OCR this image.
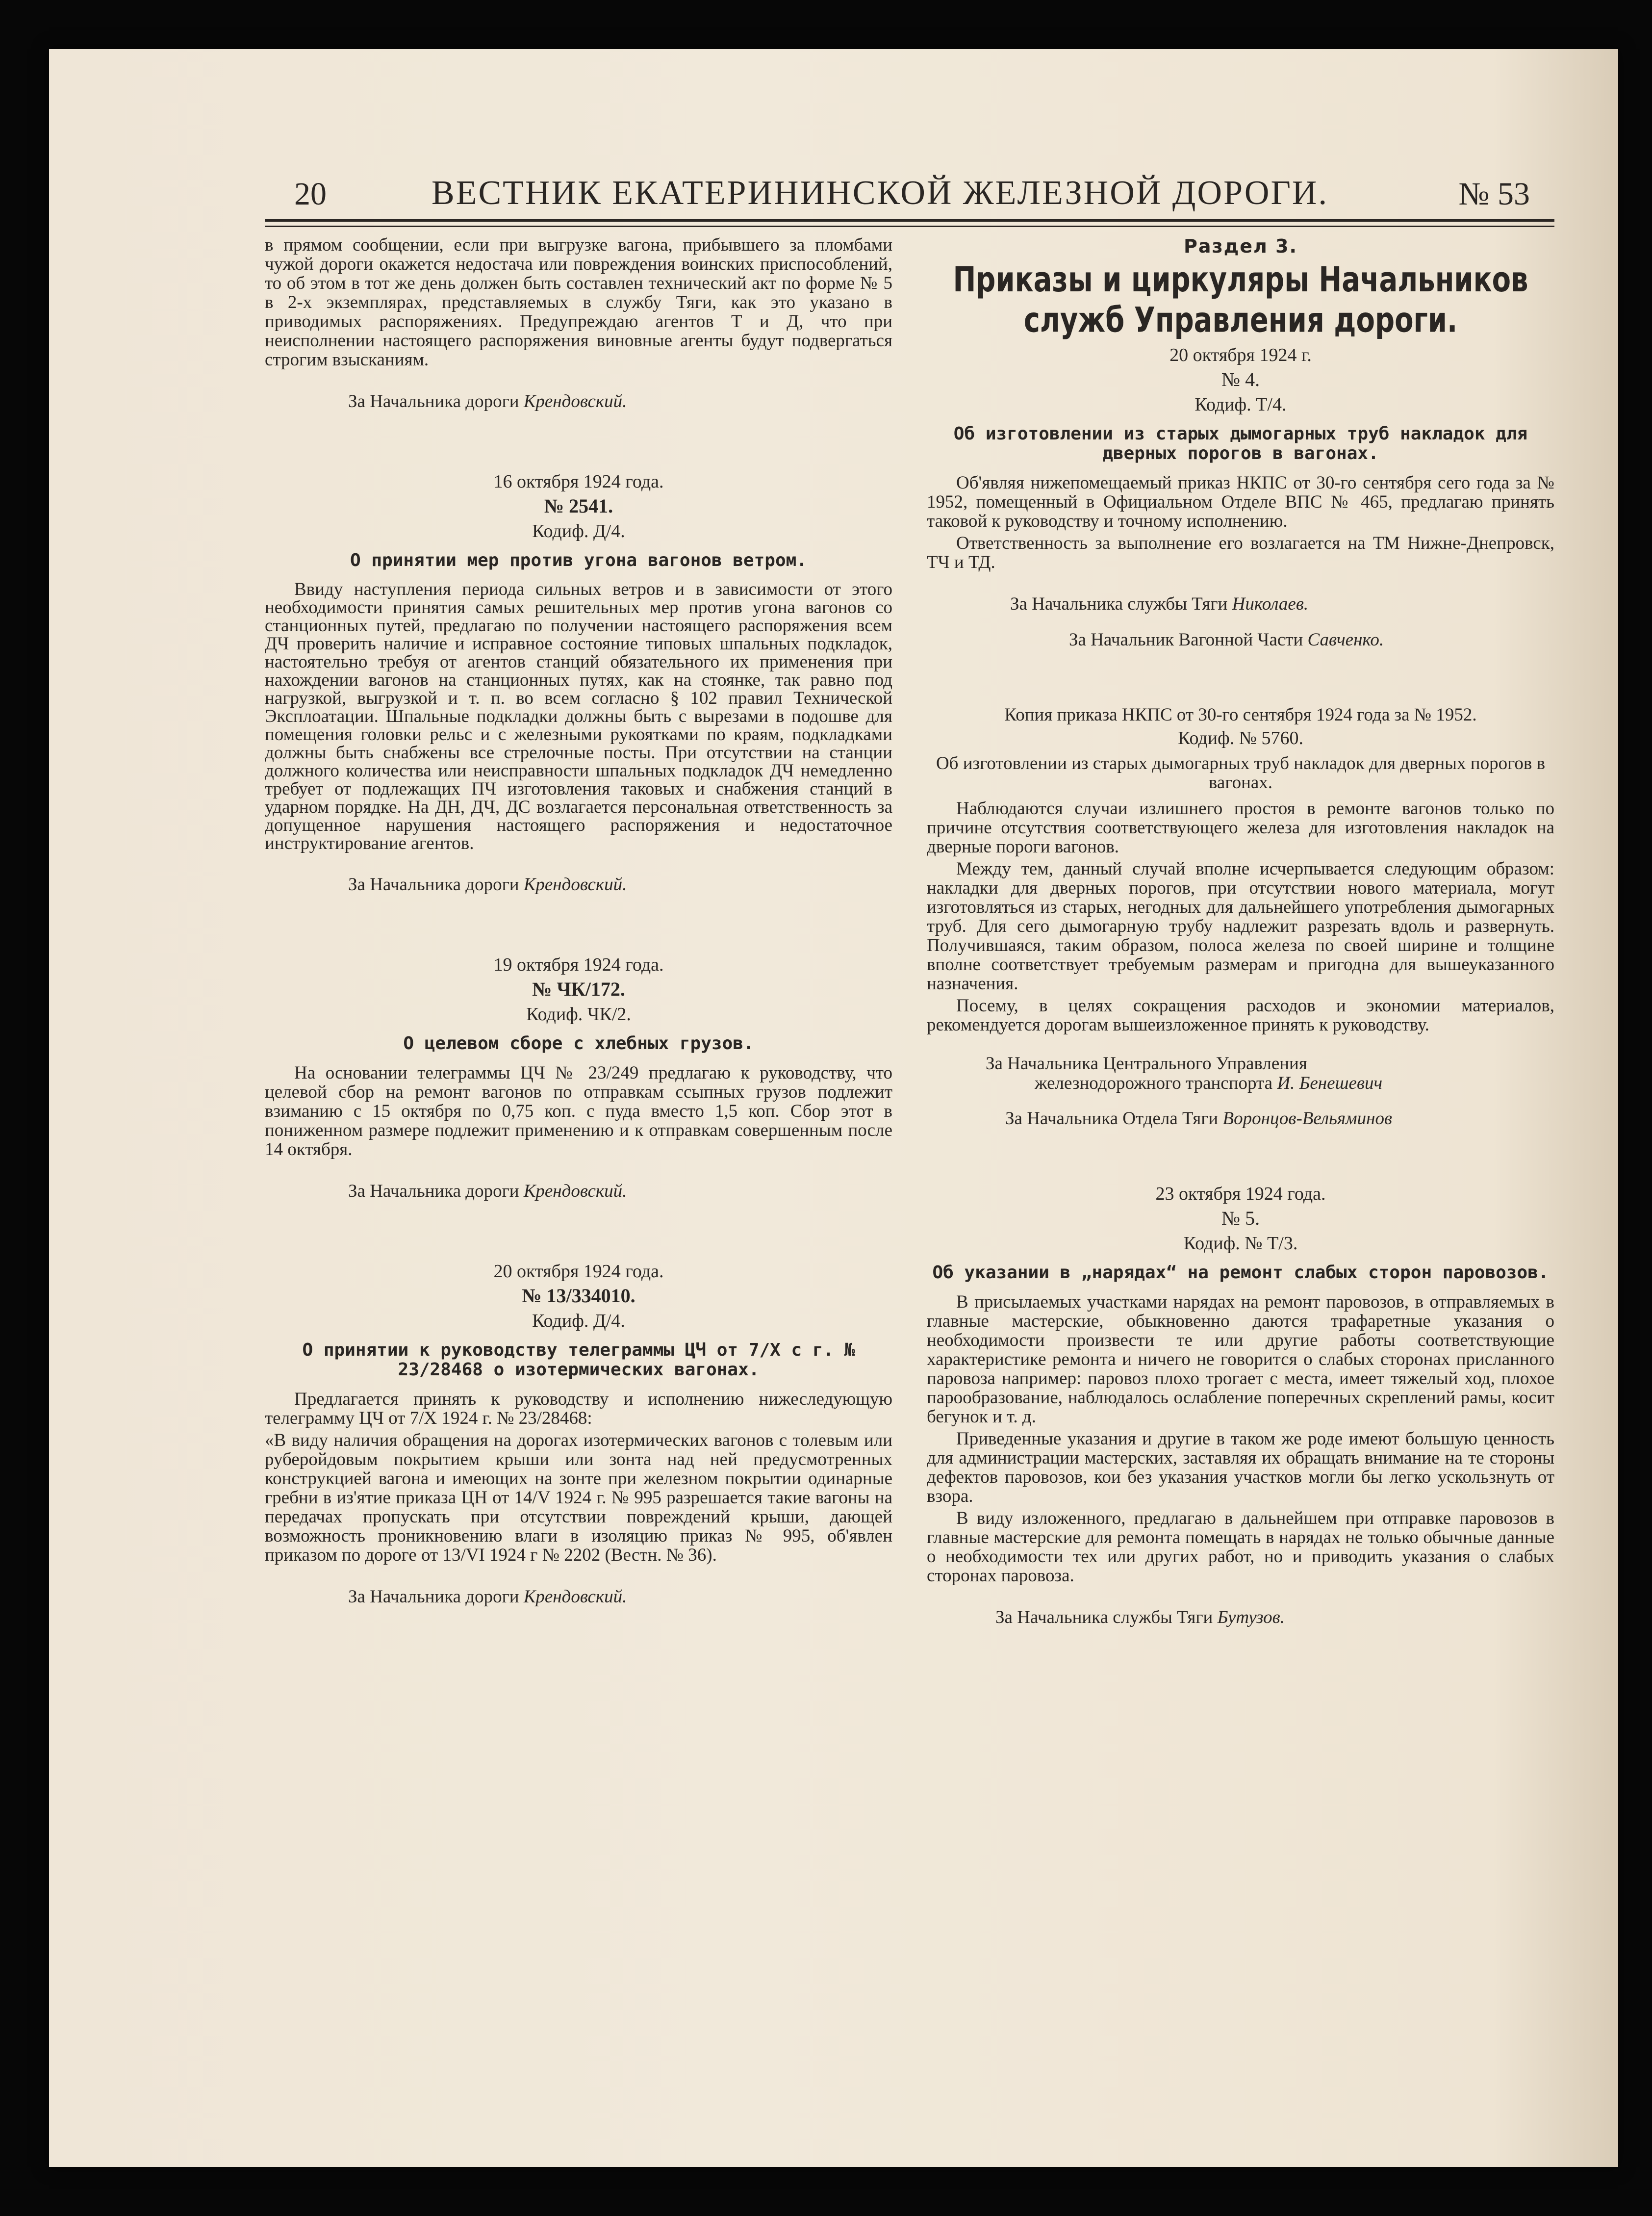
20	ВЕСТНИК ЕКАТЕРИНИНСКОЙ ЖЕЛЕЗНОЙ ДОРОГИ.	№ 53

в прямом сообщении, если при выгрузке вагона, прибывшего за пломбами чужой дороги окажется недостача или повреждения воинских приспособлений, то об этом в тот же день должен быть составлен технический акт по форме № 5 в 2-х экземплярах, представляемых в службу Тяги, как это указано в приводимых распоряжениях. Предупреждаю агентов Т и Д, что при неисполнении настоящего распоряжения виновные агенты будут подвергаться строгим взысканиям.

За Начальника дороги Крендовский.

16 октября 1924 года.

№ 2541.

Кодиф. Д/4.

О принятии мер против угона вагонов ветром.

Ввиду наступления периода сильных ветров и в зависимости от этого необходимости принятия самых решительных мер против угона вагонов со станционных путей, предлагаю по получении настоящего распоряжения всем ДЧ проверить наличие и исправное состояние типовых шпальных подкладок, настоятельно требуя от агентов станций обязательного их применения при нахождении вагонов на станционных путях, как на стоянке, так равно под нагрузкой, выгрузкой и т. п. во всем согласно § 102 правил Технической Эксплоатации. Шпальные подкладки должны быть с вырезами в подошве для помещения головки рельс и с железными рукоятками по краям, подкладками должны быть снабжены все стрелочные посты. При отсутствии на станции должного количества или неисправности шпальных подкладок ДЧ немедленно требует от подлежащих ПЧ изготовления таковых и снабжения станций в ударном порядке. На ДН, ДЧ, ДС возлагается персональная ответственность за допущенное нарушения настоящего распоряжения и недостаточное инструктирование агентов.

За Начальника дороги Крендовский.

19 октября 1924 года.

№ ЧК/172.

Кодиф. ЧК/2.

О целевом сборе с хлебных грузов.

На основании телеграммы ЦЧ № 23/249 предлагаю к руководству, что целевой сбор на ремонт вагонов по отправкам ссыпных грузов подлежит взиманию с 15 октября по 0,75 коп. с пуда вместо 1,5 коп. Сбор этот в пониженном размере подлежит применению и к отправкам совершенным после 14 октября.

За Начальника дороги Крендовский.

20 октября 1924 года.

№ 13/334010.

Кодиф. Д/4.

О принятии к руководству телеграммы ЦЧ от 7/Х с г. № 23/28468 о изотермических вагонах.

Предлагается принять к руководству и исполнению нижеследующую телеграмму ЦЧ от 7/Х 1924 г. № 23/28468:

«В виду наличия обращения на дорогах изотермических вагонов с толевым или руберойдовым покрытием крыши или зонта над ней предусмотренных конструкцией вагона и имеющих на зонте при железном покрытии одинарные гребни в из'ятие приказа ЦН от 14/V 1924 г. № 995 разрешается такие вагоны на передачах пропускать при отсутствии повреждений крыши, дающей возможность проникновению влаги в изоляцию приказ № 995, об'явлен приказом по дороге от 13/VI 1924 г № 2202 (Вестн. № 36).

За Начальника дороги Крендовский.

Раздел 3.

Приказы и циркуляры Начальников служб Управления дороги.

20 октября 1924 г.

№ 4.

Кодиф. Т/4.

Об изготовлении из старых дымогарных труб накладок для дверных порогов в вагонах.

Об'являя нижепомещаемый приказ НКПС от 30-го сентября сего года за № 1952, помещенный в Официальном Отделе ВПС № 465, предлагаю принять таковой к руководству и точному исполнению.

Ответственность за выполнение его возлагается на ТМ Нижне-Днепровск, ТЧ и ТД.

За Начальника службы Тяги Николаев.

За Начальник Вагонной Части Савченко.

Копия приказа НКПС от 30-го сентября 1924 года за № 1952.

Кодиф. № 5760.

Об изготовлении из старых дымогарных труб накладок для дверных порогов в вагонах.

Наблюдаются случаи излишнего простоя в ремонте вагонов только по причине отсутствия соответствующего железа для изготовления накладок на дверные пороги вагонов.

Между тем, данный случай вполне исчерпывается следующим образом: накладки для дверных порогов, при отсутствии нового материала, могут изготовляться из старых, негодных для дальнейшего употребления дымогарных труб. Для сего дымогарную трубу надлежит разрезать вдоль и развернуть. Получившаяся, таким образом, полоса железа по своей ширине и толщине вполне соответствует требуемым размерам и пригодна для вышеуказанного назначения.

Посему, в целях сокращения расходов и экономии материалов, рекомендуется дорогам вышеизложенное принять к руководству.

За Начальника Центрального Управления
железнодорожного транспорта И. Бенешевич

За Начальника Отдела Тяги Воронцов-Вельяминов

23 октября 1924 года.

№ 5.

Кодиф. № Т/3.

Об указании в „нарядах“ на ремонт слабых сторон паровозов.

В присылаемых участками нарядах на ремонт паровозов, в отправляемых в главные мастерские, обыкновенно даются трафаретные указания о необходимости произвести те или другие работы соответствующие характеристике ремонта и ничего не говорится о слабых сторонах присланного паровоза например: паровоз плохо трогает с места, имеет тяжелый ход, плохое парообразование, наблюдалось ослабление поперечных скреплений рамы, косит бегунок и т. д.

Приведенные указания и другие в таком же роде имеют большую ценность для администрации мастерских, заставляя их обращать внимание на те стороны дефектов паровозов, кои без указания участков могли бы легко ускользнуть от взора.

В виду изложенного, предлагаю в дальнейшем при отправке паровозов в главные мастерские для ремонта помещать в нарядах не только обычные данные о необходимости тех или других работ, но и приводить указания о слабых сторонах паровоза.

За Начальника службы Тяги Бутузов.
